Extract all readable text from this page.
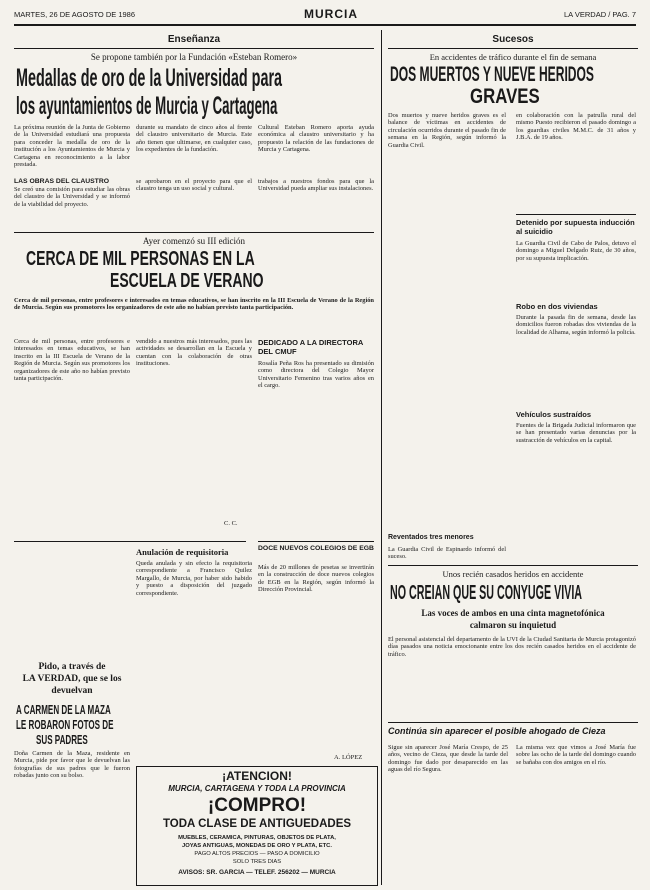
MARTES, 26 DE AGOSTO DE 1986	MURCIA	LA VERDAD / PAG. 7
Enseñanza
Se propone también por la Fundación «Esteban Romero»
Medallas de oro de la Universidad para
los ayuntamientos de Murcia y Cartagena
La próxima reunión de la Junta de Gobierno de la Universidad estudiará una propuesta para conceder la medalla de oro de la institución a los Ayuntamientos de Murcia y Cartagena en reconocimiento a la labor prestada.
durante su mandato de cinco años al frente del claustro universitario de Murcia. Este año tienen que ultimarse, en cualquier caso, los expedientes de la fundación.
Cultural Esteban Romero aporta ayuda económica al claustro universitario y ha propuesto la relación de las fundaciones de Murcia y Cartagena.
LAS OBRAS DEL CLAUSTRO
Se creó una comisión para estudiar las obras del claustro de la Universidad y se informó de la viabilidad del proyecto.
se aprobaron en el proyecto para que el claustro tenga un uso social y cultural.
trabajos a nuestros fondos para que la Universidad pueda ampliar sus instalaciones.
Ayer comenzó su III edición
CERCA DE MIL PERSONAS EN LA
ESCUELA DE VERANO
Cerca de mil personas, entre profesores e interesados en temas educativos, se han inscrito en la III Escuela de Verano de la Región de Murcia. Según sus promotores los organizadores de este año no habían previsto tanta participación.
Cerca de mil personas, entre profesores e interesados en temas educativos, se han inscrito en la III Escuela de Verano de la Región de Murcia. Según sus promotores los organizadores de este año no habían previsto tanta participación.
vendido a nuestros más interesados, pues las actividades se desarrollan en la Escuela y cuentan con la colaboración de otras instituciones.
DEDICADO A LA DIRECTORA DEL CMUF
Rosalía Peña Ros ha presentado su dimisión como directora del Colegio Mayor Universitario Femenino tras varios años en el cargo.
C. C.
Pido, a través de
LA VERDAD, que se los
devuelvan
A CARMEN DE LA MAZA
LE ROBARON FOTOS DE
SUS PADRES
Doña Carmen de la Maza, residente en Murcia, pide por favor que le devuelvan las fotografías de sus padres que le fueron robadas junto con su bolso.
Anulación de requisitoria
Queda anulada y sin efecto la requisitoria correspondiente a Francisco Quilez Margallo, de Murcia, por haber sido habido y puesto a disposición del juzgado correspondiente.
DOCE NUEVOS COLEGIOS DE EGB
Más de 20 millones de pesetas se invertirán en la construcción de doce nuevos colegios de EGB en la Región, según informó la Dirección Provincial.
A. LÓPEZ
¡ATENCION!
MURCIA, CARTAGENA Y TODA LA PROVINCIA
¡COMPRO!
TODA CLASE DE ANTIGUEDADES
MUEBLES, CERAMICA, PINTURAS, OBJETOS DE PLATA,
JOYAS ANTIGUAS, MONEDAS DE ORO Y PLATA, ETC.
PAGO ALTOS PRECIOS — PASO A DOMICILIO
SOLO TRES DIAS
AVISOS: SR. GARCIA — TELEF. 256202 — MURCIA
Sucesos
En accidentes de tráfico durante el fin de semana
DOS MUERTOS Y NUEVE HERIDOS
GRAVES
Dos muertos y nueve heridos graves es el balance de víctimas en accidentes de circulación ocurridos durante el pasado fin de semana en la Región, según informó la Guardia Civil.
en colaboración con la patrulla rural del mismo Puesto recibieron el pasado domingo a los guardias civiles M.M.C. de 31 años y J.B.A. de 19 años.
Detenido por supuesta inducción al suicidio
La Guardia Civil de Cabo de Palos, detuvo el domingo a Miguel Delgado Ruiz, de 30 años, por su supuesta implicación.
Robo en dos viviendas
Durante la pasada fin de semana, desde las domicilios fueron robadas dos viviendas de la localidad de Alhama, según informó la policía.
Vehículos sustraídos
Fuentes de la Brigada Judicial informaron que se han presentado varias denuncias por la sustracción de vehículos en la capital.
Reventados tres menores
La Guardia Civil de Espinardo informó del suceso.
Unos recién casados heridos en accidente
NO CREIAN QUE SU CONYUGE VIVIA
Las voces de ambos en una cinta magnetofónica
calmaron su inquietud
El personal asistencial del departamento de la UVI de la Ciudad Sanitaria de Murcia protagonizó días pasados una noticia emocionante entre los dos recién casados heridos en el accidente de tráfico.
Continúa sin aparecer el posible ahogado de Cieza
Sigue sin aparecer José María Crespo, de 25 años, vecino de Cieza, que desde la tarde del domingo fue dado por desaparecido en las aguas del río Segura.
La misma vez que vimos a José María fue sobre las ocho de la tarde del domingo cuando se bañaba con dos amigos en el río.
